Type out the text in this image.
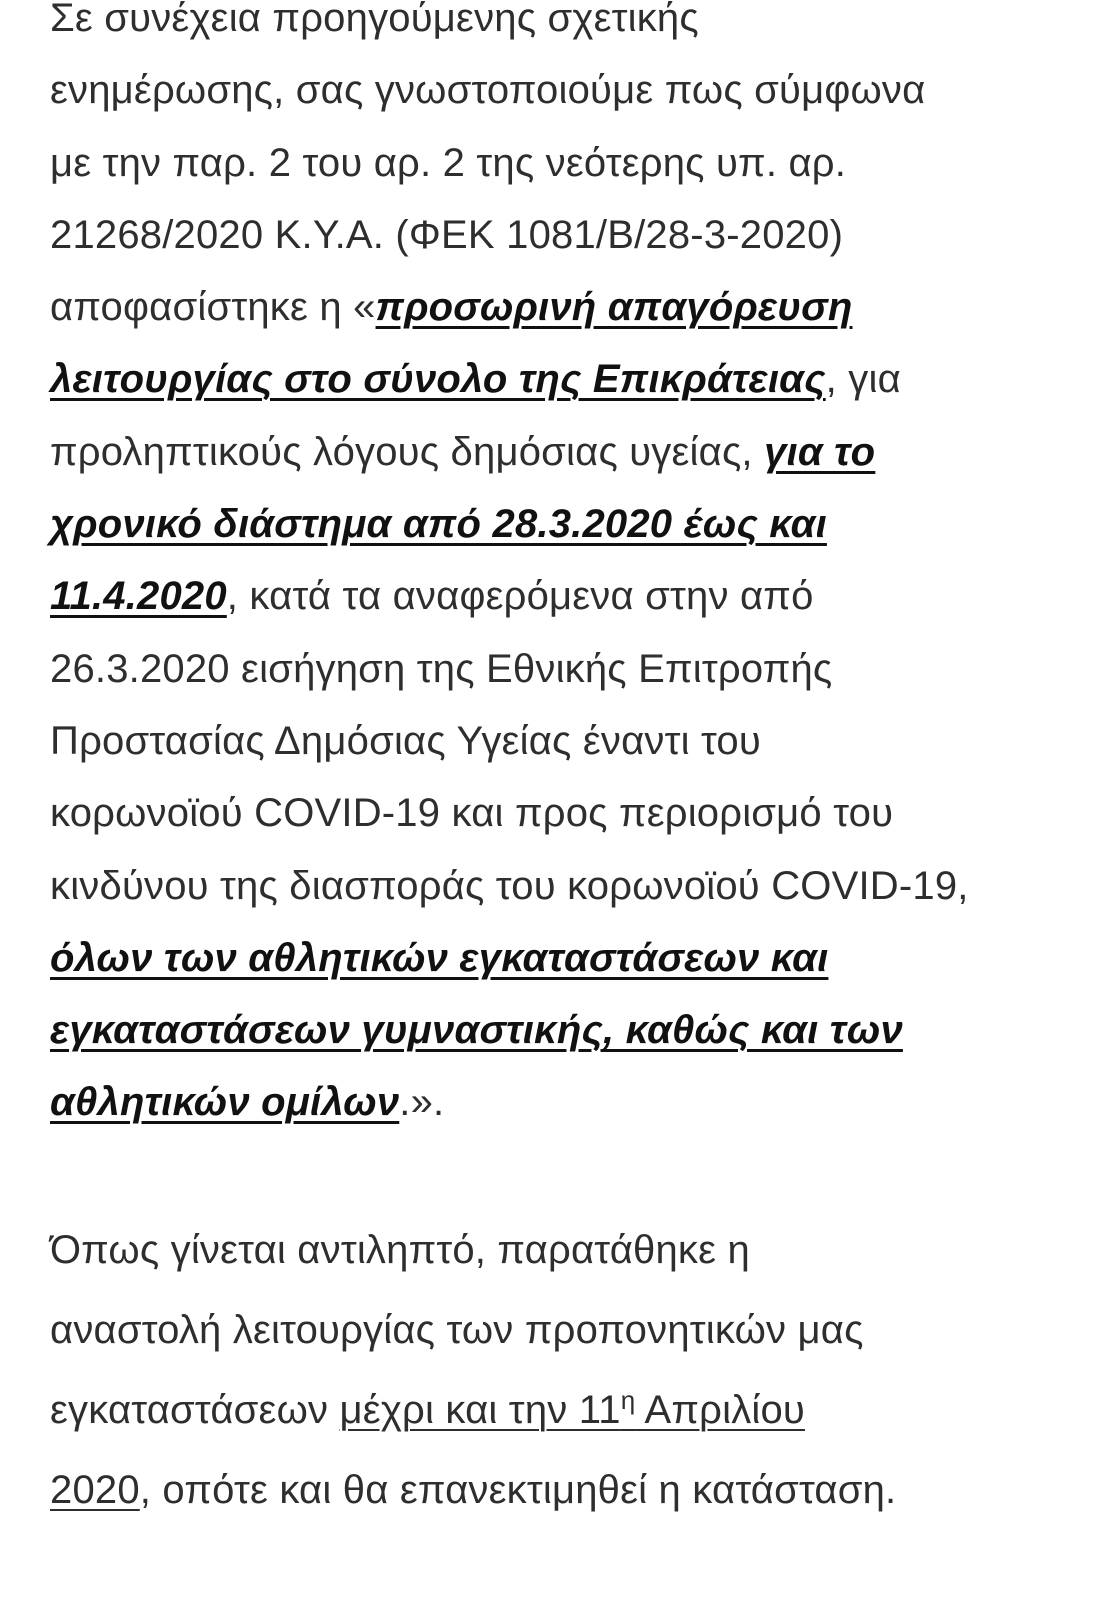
Σε συνέχεια προηγούμενης σχετικής
ενημέρωσης, σας γνωστοποιούμε πως σύμφωνα
με την παρ. 2 του αρ. 2 της νεότερης υπ. αρ.
21268/2020 Κ.Υ.Α. (ΦΕΚ 1081/Β/28-3-2020)
αποφασίστηκε η «προσωρινή απαγόρευση
λειτουργίας στο σύνολο της Επικράτειας, για
προληπτικούς λόγους δημόσιας υγείας, για το
χρονικό διάστημα από 28.3.2020 έως και
11.4.2020, κατά τα αναφερόμενα στην από
26.3.2020 εισήγηση της Εθνικής Επιτροπής
Προστασίας Δημόσιας Υγείας έναντι του
κορωνοϊού COVID-19 και προς περιορισμό του
κινδύνου της διασποράς του κορωνοϊού COVID-19,
όλων των αθλητικών εγκαταστάσεων και
εγκαταστάσεων γυμναστικής, καθώς και των
αθλητικών ομίλων.».
Όπως γίνεται αντιληπτό, παρατάθηκε η
αναστολή λειτουργίας των προπονητικών μας
εγκαταστάσεων μέχρι και την $11^\eta$ Απριλίου
2020, οπότε και θα επανεκτιμηθεί η κατάσταση.
